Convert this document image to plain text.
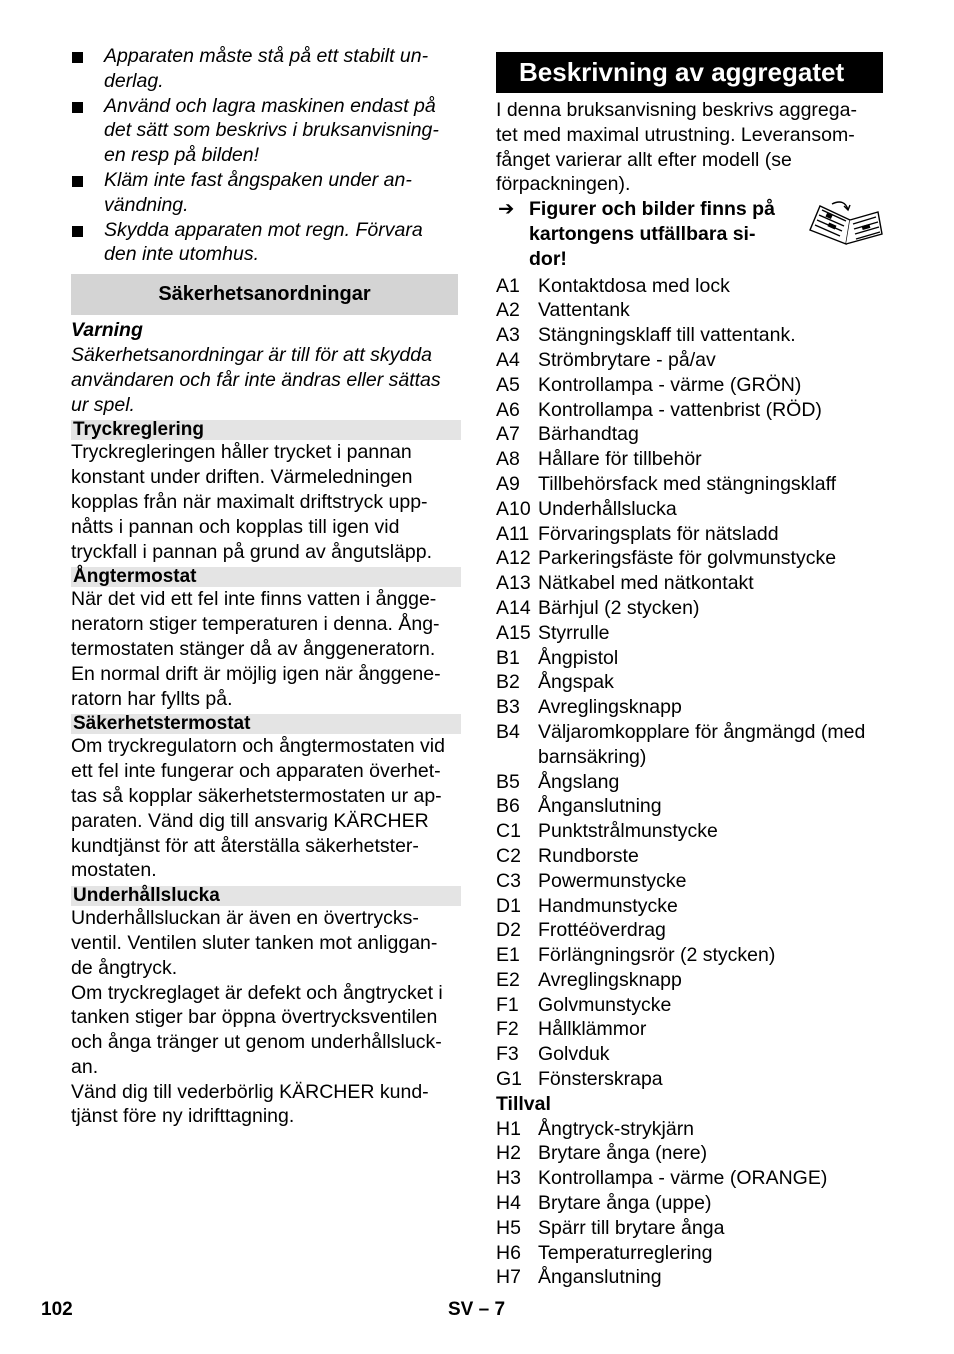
Apparaten måste stå på ett stabilt un-
derlag.
Använd och lagra maskinen endast på
det sätt som beskrivs i bruksanvisning-
en resp på bilden!
Kläm inte fast ångspaken under an-
vändning.
Skydda apparaten mot regn. Förvara
den inte utomhus.
Säkerhetsanordningar
Varning
Säkerhetsanordningar är till för att skydda
användaren och får inte ändras eller sättas
ur spel.
Tryckreglering
Tryckregleringen håller trycket i pannan
konstant under driften. Värmeledningen
kopplas från när maximalt driftstryck upp-
nåtts i pannan och kopplas till igen vid
tryckfall i pannan på grund av ångutsläpp.
Ångtermostat
När det vid ett fel inte finns vatten i ångge-
neratorn stiger temperaturen i denna. Ång-
termostaten stänger då av ånggeneratorn.
En normal drift är möjlig igen när ånggene-
ratorn har fyllts på.
Säkerhetstermostat
Om tryckregulatorn och ångtermostaten vid
ett fel inte fungerar och apparaten överhet-
tas så kopplar säkerhetstermostaten ur ap-
paraten. Vänd dig till ansvarig KÄRCHER
kundtjänst för att återställa säkerhetster-
mostaten.
Underhållslucka
Underhållsluckan är även en övertrycks-
ventil. Ventilen sluter tanken mot anliggan-
de ångtryck.
Om tryckreglaget är defekt och ångtrycket i
tanken stiger bar öppna övertrycksventilen
och ånga tränger ut genom underhållsluck-
an.
Vänd dig till vederbörlig KÄRCHER kund-
tjänst före ny idrifttagning.
Beskrivning av aggregatet
I denna bruksanvisning beskrivs aggrega-
tet med maximal utrustning. Leveransom-
fånget varierar allt efter modell (se
förpackningen).
➔ Figurer och bilder finns på
kartongens utfällbara si-
dor!
A1 Kontaktdosa med lock
A2 Vattentank
A3 Stängningsklaff till vattentank.
A4 Strömbrytare - på/av
A5 Kontrollampa - värme (GRÖN)
A6 Kontrollampa - vattenbrist (RÖD)
A7 Bärhandtag
A8 Hållare för tillbehör
A9 Tillbehörsfack med stängningsklaff
A10 Underhållslucka
A11 Förvaringsplats för nätsladd
A12 Parkeringsfäste för golvmunstycke
A13 Nätkabel med nätkontakt
A14 Bärhjul (2 stycken)
A15 Styrrulle
B1 Ångpistol
B2 Ångspak
B3 Avreglingsknapp
B4 Väljaromkopplare för ångmängd (med
barnsäkring)
B5 Ångslang
B6 Ånganslutning
C1 Punktstrålmunstycke
C2 Rundborste
C3 Powermunstycke
D1 Handmunstycke
D2 Frottéöverdrag
E1 Förlängningsrör (2 stycken)
E2 Avreglingsknapp
F1 Golvmunstycke
F2 Hållklämmor
F3 Golvduk
G1 Fönsterskrapa
Tillval
H1 Ångtryck-strykjärn
H2 Brytare ånga (nere)
H3 Kontrollampa - värme (ORANGE)
H4 Brytare ånga (uppe)
H5 Spärr till brytare ånga
H6 Temperaturreglering
H7 Ånganslutning
102	SV – 7
